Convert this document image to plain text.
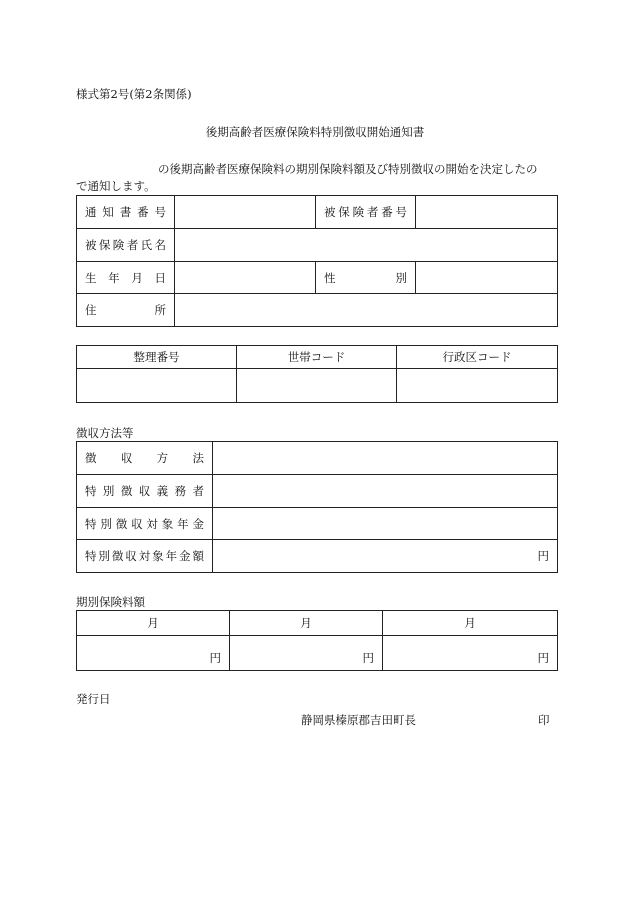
様式第2号(第2条関係)
後期高齢者医療保険料特別徴収開始通知書
の後期高齢者医療保険料の期別保険料額及び特別徴収の開始を決定したの
で通知します。
通知書番号		被保険者番号	

被保険者氏名			

生年月日		性別	

住所			

整理番号	世帯コード	行政区コード

徴収方法等
徴収方法	

特別徴収義務者	

特別徴収対象年金	

特別徴収対象年金額	円
期別保険料額
月	月	月
円	円	円
発行日
静岡県榛原郡吉田町長	印
